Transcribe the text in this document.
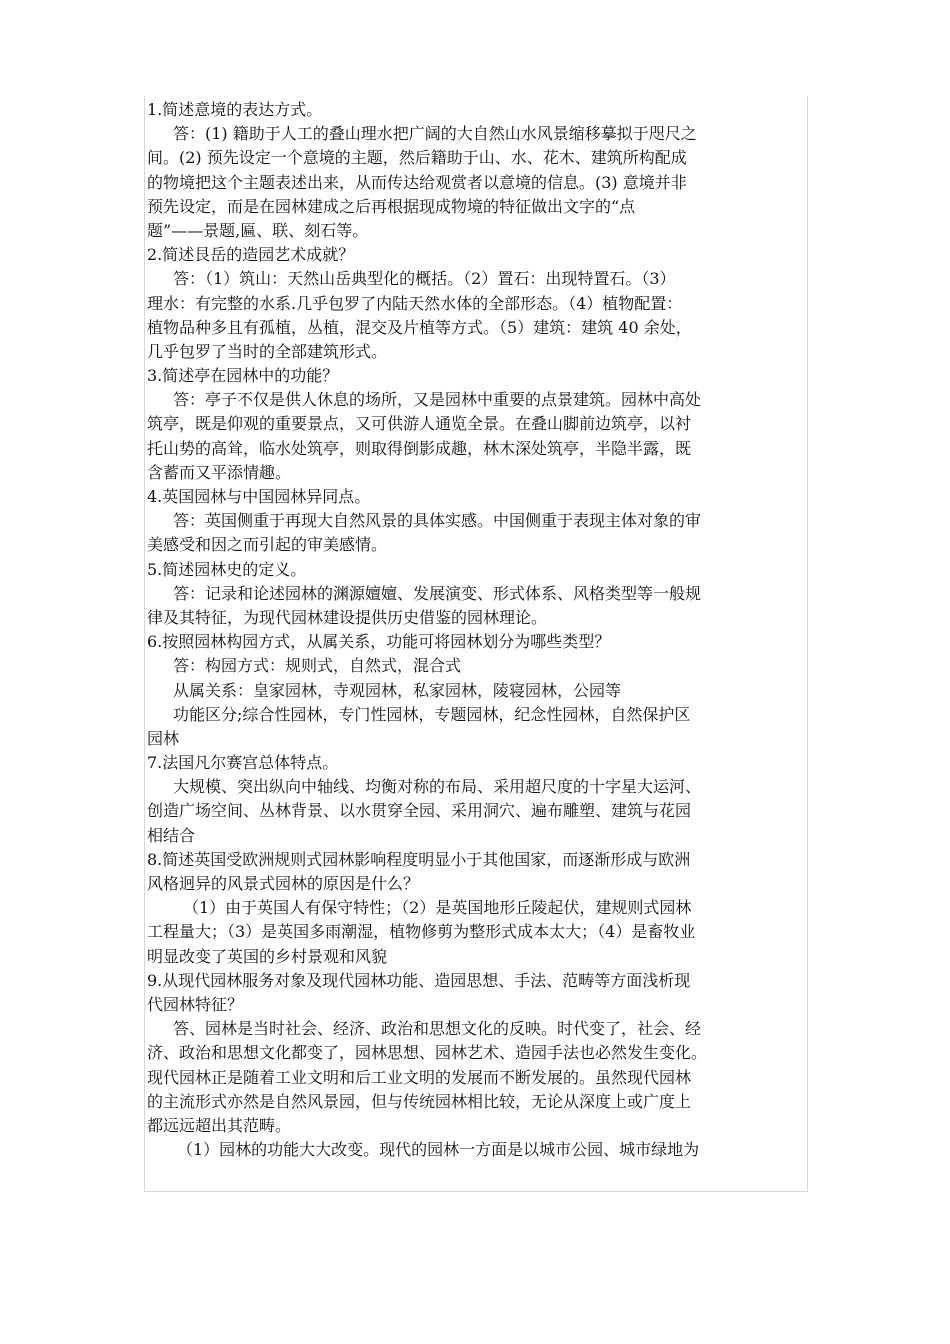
1.简述意境的表达方式。
答：(1) 籍助于人工的叠山理水把广阔的大自然山水风景缩移摹拟于咫尺之
间。(2) 预先设定一个意境的主题，然后籍助于山、水、花木、建筑所构配成
的物境把这个主题表述出来，从而传达给观赏者以意境的信息。(3) 意境并非
预先设定，而是在园林建成之后再根据现成物境的特征做出文字的“点
题”——景题,匾、联、刻石等。
2.简述艮岳的造园艺术成就？
答：（1）筑山：天然山岳典型化的概括。（2）置石：出现特置石。（3）
理水：有完整的水系.几乎包罗了内陆天然水体的全部形态。（4）植物配置：
植物品种多且有孤植，丛植，混交及片植等方式。（5）建筑：建筑 40 余处，
几乎包罗了当时的全部建筑形式。
3.简述亭在园林中的功能？
答：亭子不仅是供人休息的场所，又是园林中重要的点景建筑。园林中高处
筑亭，既是仰观的重要景点，又可供游人通览全景。在叠山脚前边筑亭，以衬
托山势的高耸，临水处筑亭，则取得倒影成趣，林木深处筑亭，半隐半露，既
含蓄而又平添情趣。
4.英国园林与中国园林异同点。
答：英国侧重于再现大自然风景的具体实感。中国侧重于表现主体对象的审
美感受和因之而引起的审美感情。
5.简述园林史的定义。
答：记录和论述园林的渊源嬗嬗、发展演变、形式体系、风格类型等一般规
律及其特征，为现代园林建设提供历史借鉴的园林理论。
6.按照园林构园方式，从属关系，功能可将园林划分为哪些类型？
答：构园方式：规则式，自然式，混合式
从属关系：皇家园林，寺观园林，私家园林，陵寝园林，公园等
功能区分;综合性园林，专门性园林，专题园林，纪念性园林，自然保护区
园林
7.法国凡尔赛宫总体特点。
大规模、突出纵向中轴线、均衡对称的布局、采用超尺度的十字星大运河、
创造广场空间、丛林背景、以水贯穿全园、采用洞穴、遍布雕塑、建筑与花园
相结合
8.简述英国受欧洲规则式园林影响程度明显小于其他国家，而逐渐形成与欧洲
风格迥异的风景式园林的原因是什么？
（1）由于英国人有保守特性；（2）是英国地形丘陵起伏，建规则式园林
工程量大；（3）是英国多雨潮湿，植物修剪为整形式成本太大；（4）是畜牧业
明显改变了英国的乡村景观和风貌
9.从现代园林服务对象及现代园林功能、造园思想、手法、范畴等方面浅析现
代园林特征？
答、园林是当时社会、经济、政治和思想文化的反映。时代变了，社会、经
济、政治和思想文化都变了，园林思想、园林艺术、造园手法也必然发生变化。
现代园林正是随着工业文明和后工业文明的发展而不断发展的。虽然现代园林
的主流形式亦然是自然风景园，但与传统园林相比较，无论从深度上或广度上
都远远超出其范畴。
（1）园林的功能大大改变。现代的园林一方面是以城市公园、城市绿地为
